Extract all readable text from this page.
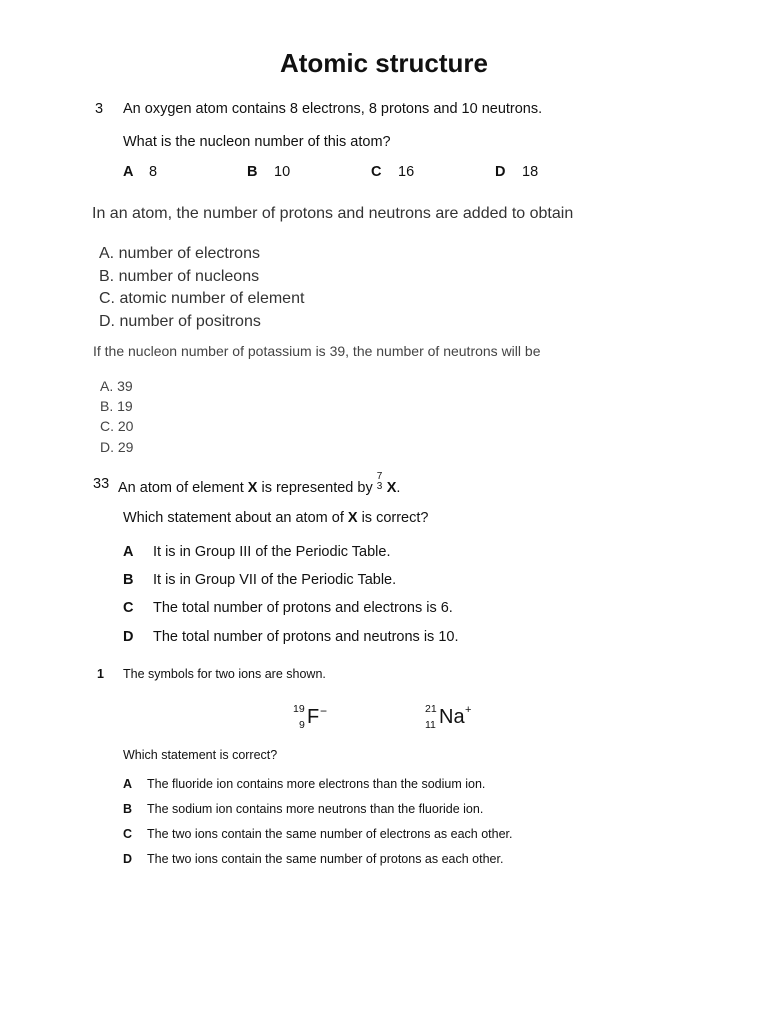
Atomic structure
3 An oxygen atom contains 8 electrons, 8 protons and 10 neutrons.
What is the nucleon number of this atom?
A 8	B 10	C 16	D 18
In an atom, the number of protons and neutrons are added to obtain
A. number of electrons
B. number of nucleons
C. atomic number of element
D. number of positrons
If the nucleon number of potassium is 39, the number of neutrons will be
A. 39
B. 19
C. 20
D. 29
33 An atom of element X is represented by
7
3 X.
Which statement about an atom of X is correct?
A It is in Group III of the Periodic Table.
B It is in Group VII of the Periodic Table.
C The total number of protons and electrons is 6.
D The total number of protons and neutrons is 10.
1 The symbols for two ions are shown.
19
9 F −	21
11 Na +
Which statement is correct?
A The fluoride ion contains more electrons than the sodium ion.
B The sodium ion contains more neutrons than the fluoride ion.
C The two ions contain the same number of electrons as each other.
D The two ions contain the same number of protons as each other.
